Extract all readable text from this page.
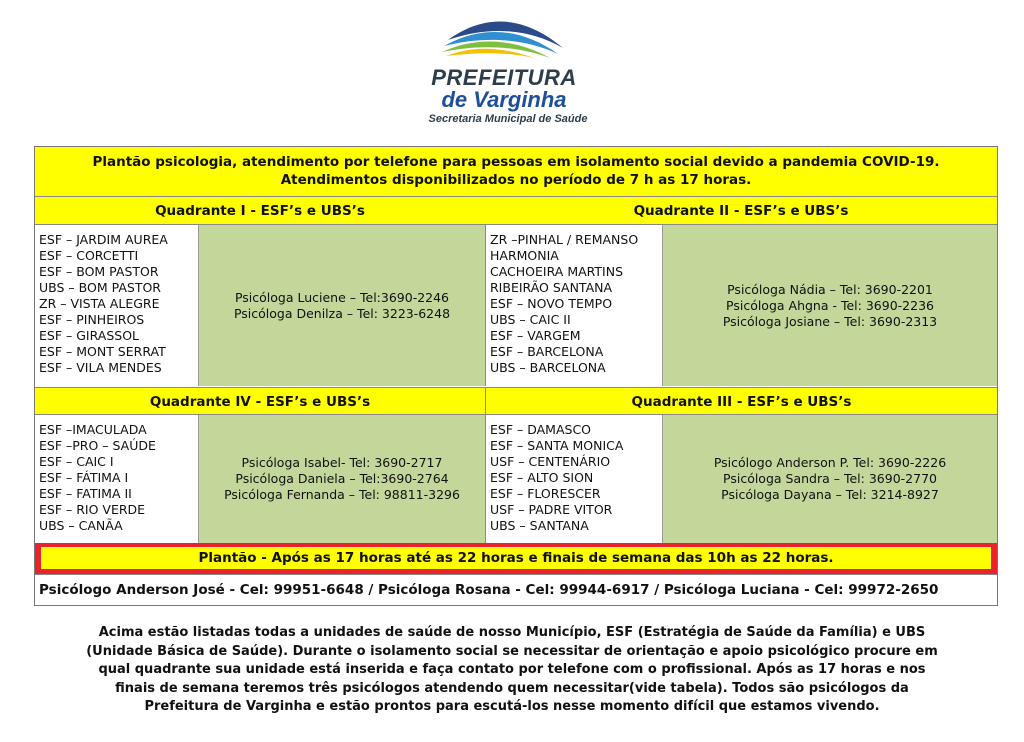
PREFEITURA
de Varginha
Secretaria Municipal de Saúde
Plantão psicologia, atendimento por telefone para pessoas em isolamento social devido a pandemia COVID-19.
Atendimentos disponibilizados no período de 7 h as 17 horas.
Quadrante I - ESF’s e UBS’s	Quadrante II - ESF’s e UBS’s
ESF – JARDIM AUREA
ESF – CORCETTI
ESF – BOM PASTOR
UBS – BOM PASTOR
ZR – VISTA ALEGRE
ESF – PINHEIROS
ESF – GIRASSOL
ESF – MONT SERRAT
ESF – VILA MENDES
Psicóloga Luciene – Tel:3690-2246
Psicóloga Denilza – Tel: 3223-6248
ZR –PINHAL / REMANSO
HARMONIA
CACHOEIRA MARTINS
RIBEIRÃO SANTANA
ESF – NOVO TEMPO
UBS – CAIC II
ESF – VARGEM
ESF – BARCELONA
UBS – BARCELONA
Psicóloga Nádia – Tel: 3690-2201
Psicóloga Ahgna - Tel: 3690-2236
Psicóloga Josiane – Tel: 3690-2313
Quadrante IV - ESF’s e UBS’s	Quadrante III - ESF’s e UBS’s
ESF –IMACULADA
ESF –PRO – SAÚDE
ESF – CAIC I
ESF – FÁTIMA I
ESF – FATIMA II
ESF – RIO VERDE
UBS – CANÃA
Psicóloga Isabel- Tel: 3690-2717
Psicóloga Daniela – Tel:3690-2764
Psicóloga Fernanda – Tel: 98811-3296
ESF – DAMASCO
ESF – SANTA MONICA
USF – CENTENÁRIO
ESF – ALTO SION
ESF – FLORESCER
USF – PADRE VITOR
UBS – SANTANA
Psicólogo Anderson P. Tel: 3690-2226
Psicóloga Sandra – Tel: 3690-2770
Psicóloga Dayana – Tel: 3214-8927
Plantão - Após as 17 horas até as 22 horas e finais de semana das 10h as 22 horas.
Psicólogo Anderson José - Cel: 99951-6648 / Psicóloga Rosana - Cel: 99944-6917 / Psicóloga Luciana - Cel: 99972-2650
Acima estão listadas todas a unidades de saúde de nosso Município, ESF (Estratégia de Saúde da Família) e UBS
(Unidade Básica de Saúde). Durante o isolamento social se necessitar de orientação e apoio psicológico procure em
qual quadrante sua unidade está inserida e faça contato por telefone com o profissional. Após as 17 horas e nos
finais de semana teremos três psicólogos atendendo quem necessitar(vide tabela). Todos são psicólogos da
Prefeitura de Varginha e estão prontos para escutá-los nesse momento difícil que estamos vivendo.
